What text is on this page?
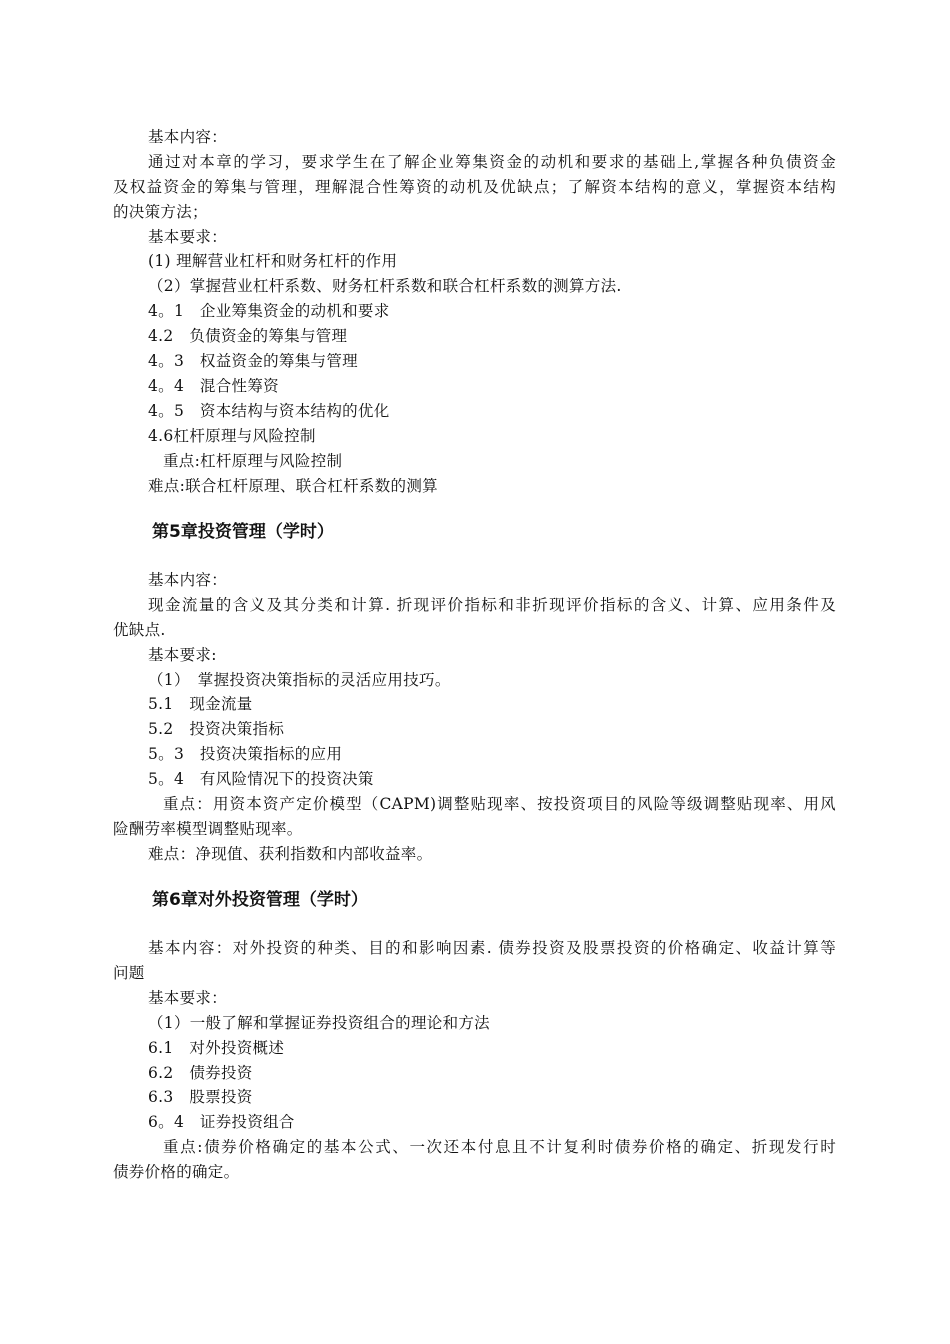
基本内容：
通过对本章的学习，要求学生在了解企业筹集资金的动机和要求的基础上,掌握各种负债资金
及权益资金的筹集与管理，理解混合性筹资的动机及优缺点；了解资本结构的意义，掌握资本结构
的决策方法；
基本要求：
(1) 理解营业杠杆和财务杠杆的作用
（2）掌握营业杠杆系数、财务杠杆系数和联合杠杆系数的测算方法.
4。1　企业筹集资金的动机和要求
4.2　负债资金的筹集与管理
4。3　权益资金的筹集与管理
4。4　混合性筹资
4。5　资本结构与资本结构的优化
4.6杠杆原理与风险控制
重点:杠杆原理与风险控制
难点:联合杠杆原理、联合杠杆系数的测算
第5章投资管理（学时）
基本内容：
现金流量的含义及其分类和计算. 折现评价指标和非折现评价指标的含义、计算、应用条件及
优缺点.
基本要求:
（1）　掌握投资决策指标的灵活应用技巧。
5.1　现金流量
5.2　投资决策指标
5。3　投资决策指标的应用
5。4　有风险情况下的投资决策
重点：用资本资产定价模型（CAPM)调整贴现率、按投资项目的风险等级调整贴现率、用风
险酬劳率模型调整贴现率。
难点：净现值、获利指数和内部收益率。
第6章对外投资管理（学时）
基本内容：对外投资的种类、目的和影响因素. 债券投资及股票投资的价格确定、收益计算等
问题
基本要求：
（1）一般了解和掌握证券投资组合的理论和方法
6.1　对外投资概述
6.2　债券投资
6.3　股票投资
6。4　证券投资组合
重点:债券价格确定的基本公式、一次还本付息且不计复利时债券价格的确定、折现发行时
债券价格的确定。
